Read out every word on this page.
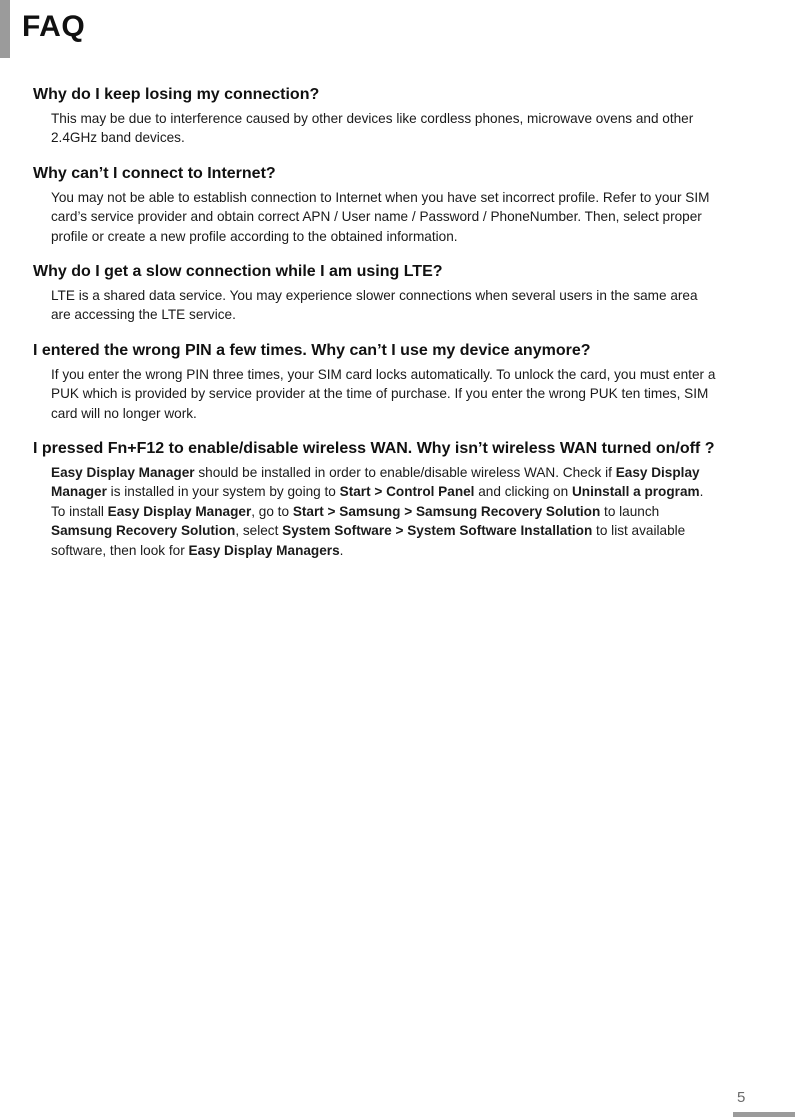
FAQ
Why do I keep losing my connection?

This may be due to interference caused by other devices like cordless phones, microwave ovens and other 2.4GHz band devices.

Why can’t I connect to Internet?

You may not be able to establish connection to Internet when you have set incorrect profile. Refer to your SIM card’s service provider and obtain correct APN / User name / Password / PhoneNumber. Then, select proper profile or create a new profile according to the obtained information.

Why do I get a slow connection while I am using LTE?

LTE is a shared data service. You may experience slower connections when several users in the same area are accessing the LTE service.

I entered the wrong PIN a few times. Why can’t I use my device anymore?

If you enter the wrong PIN three times, your SIM card locks automatically. To unlock the card, you must enter a PUK which is provided by service provider at the time of purchase. If you enter the wrong PUK ten times, SIM card will no longer work.

I pressed Fn+F12 to enable/disable wireless WAN. Why isn’t wireless WAN turned on/off ?

Easy Display Manager should be installed in order to enable/disable wireless WAN. Check if Easy Display Manager is installed in your system by going to Start > Control Panel and clicking on Uninstall a program. To install Easy Display Manager, go to Start > Samsung > Samsung Recovery Solution to launch Samsung Recovery Solution, select System Software > System Software Installation to list available software, then look for Easy Display Managers.

5
